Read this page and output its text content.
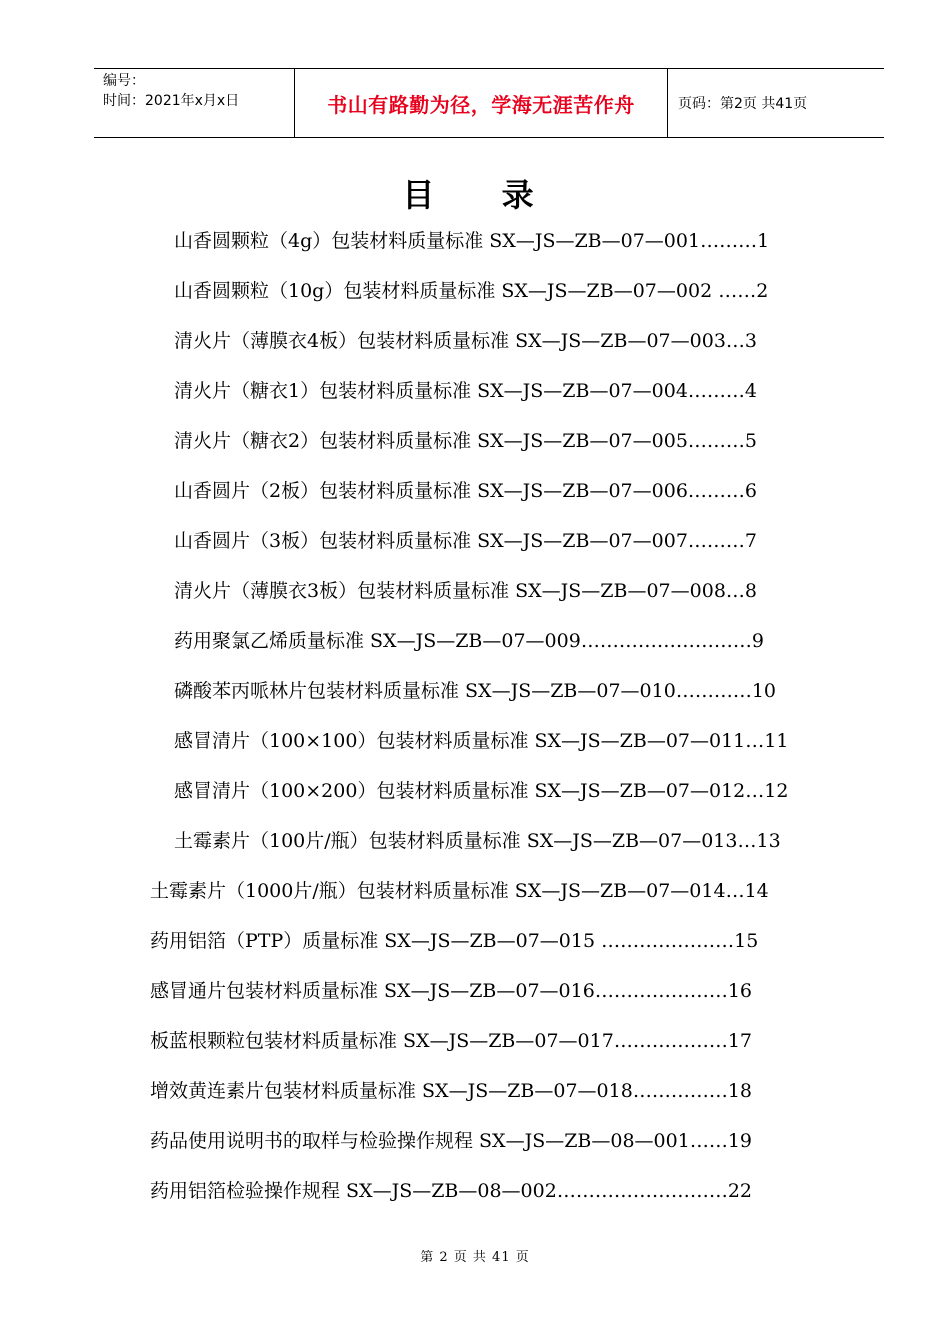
编号：
时间：2021年x月x日	书山有路勤为径，学海无涯苦作舟	页码：第2页 共41页
目 录
山香圆颗粒（4g）包装材料质量标准 SX—JS—ZB—07—001………1
山香圆颗粒（10g）包装材料质量标准 SX—JS—ZB—07—002 ……2
清火片（薄膜衣4板）包装材料质量标准 SX—JS—ZB—07—003…3
清火片（糖衣1）包装材料质量标准 SX—JS—ZB—07—004………4
清火片（糖衣2）包装材料质量标准 SX—JS—ZB—07—005………5
山香圆片（2板）包装材料质量标准 SX—JS—ZB—07—006………6
山香圆片（3板）包装材料质量标准 SX—JS—ZB—07—007………7
清火片（薄膜衣3板）包装材料质量标准 SX—JS—ZB—07—008…8
药用聚氯乙烯质量标准 SX—JS—ZB—07—009………………………9
磷酸苯丙哌林片包装材料质量标准 SX—JS—ZB—07—010…………10
感冒清片（100×100）包装材料质量标准 SX—JS—ZB—07—011…11
感冒清片（100×200）包装材料质量标准 SX—JS—ZB—07—012…12
土霉素片（100片/瓶）包装材料质量标准 SX—JS—ZB—07—013…13
土霉素片（1000片/瓶）包装材料质量标准 SX—JS—ZB—07—014…14
药用铝箔（PTP）质量标准 SX—JS—ZB—07—015 …………………15
感冒通片包装材料质量标准 SX—JS—ZB—07—016…………………16
板蓝根颗粒包装材料质量标准 SX—JS—ZB—07—017………………17
增效黄连素片包装材料质量标准 SX—JS—ZB—07—018……………18
药品使用说明书的取样与检验操作规程 SX—JS—ZB—08—001……19
药用铝箔检验操作规程 SX—JS—ZB—08—002………………………22
第 2 页 共 41 页
